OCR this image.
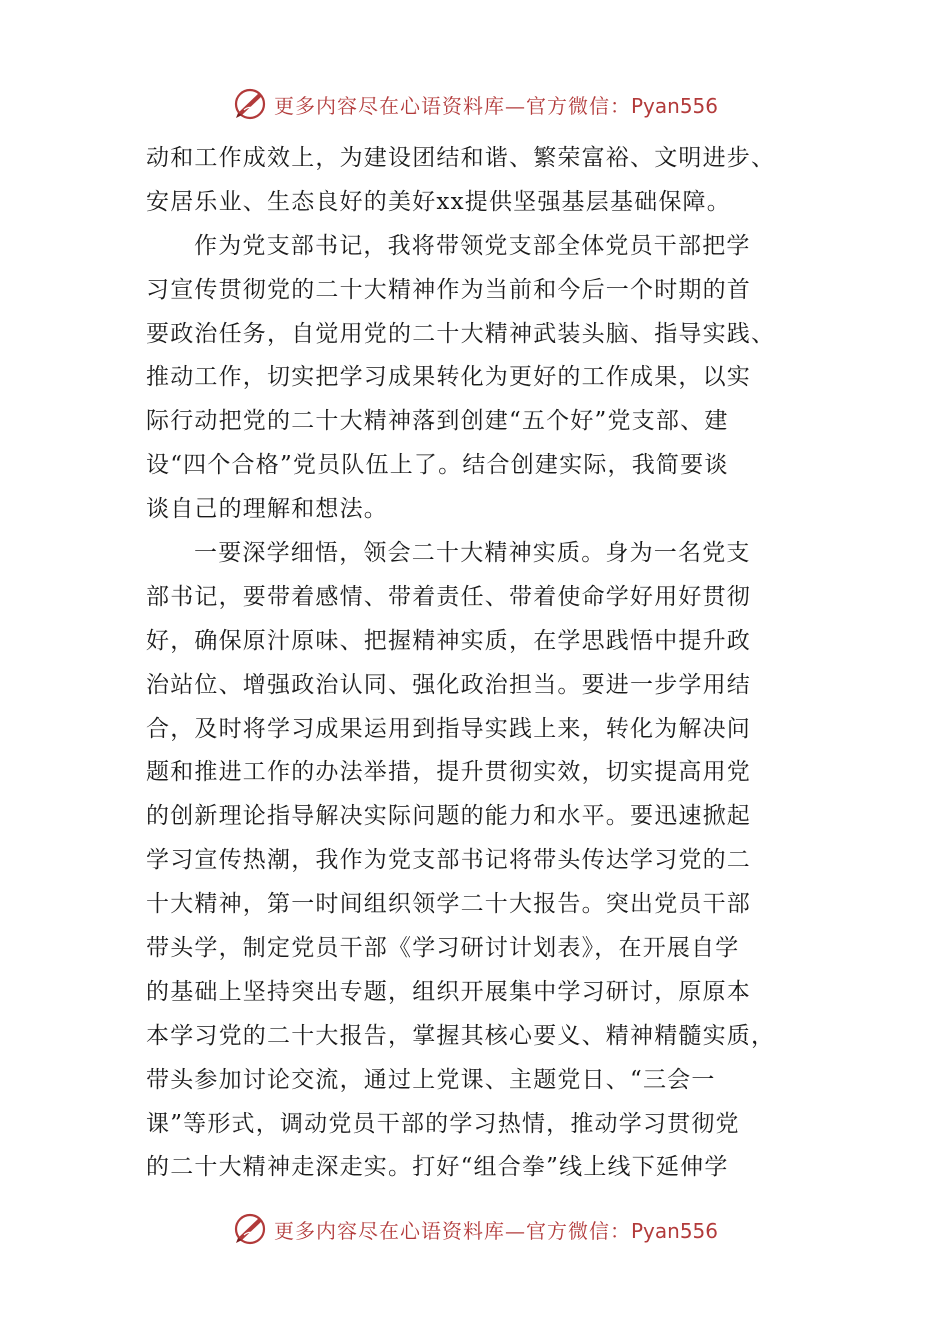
更多内容尽在心语资料库—官方微信：Pyan556
动和工作成效上，为建设团结和谐、繁荣富裕、文明进步、
安居乐业、生态良好的美好xx提供坚强基层基础保障。
作为党支部书记，我将带领党支部全体党员干部把学
习宣传贯彻党的二十大精神作为当前和今后一个时期的首
要政治任务，自觉用党的二十大精神武装头脑、指导实践、
推动工作，切实把学习成果转化为更好的工作成果，以实
际行动把党的二十大精神落到创建“五个好”党支部、建
设“四个合格”党员队伍上了。结合创建实际，我简要谈
谈自己的理解和想法。
一要深学细悟，领会二十大精神实质。身为一名党支
部书记，要带着感情、带着责任、带着使命学好用好贯彻
好，确保原汁原味、把握精神实质，在学思践悟中提升政
治站位、增强政治认同、强化政治担当。要进一步学用结
合，及时将学习成果运用到指导实践上来，转化为解决问
题和推进工作的办法举措，提升贯彻实效，切实提高用党
的创新理论指导解决实际问题的能力和水平。要迅速掀起
学习宣传热潮，我作为党支部书记将带头传达学习党的二
十大精神，第一时间组织领学二十大报告。突出党员干部
带头学，制定党员干部《学习研讨计划表》，在开展自学
的基础上坚持突出专题，组织开展集中学习研讨，原原本
本学习党的二十大报告，掌握其核心要义、精神精髓实质，
带头参加讨论交流，通过上党课、主题党日、“三会一
课”等形式，调动党员干部的学习热情，推动学习贯彻党
的二十大精神走深走实。打好“组合拳”线上线下延伸学
更多内容尽在心语资料库—官方微信：Pyan556
